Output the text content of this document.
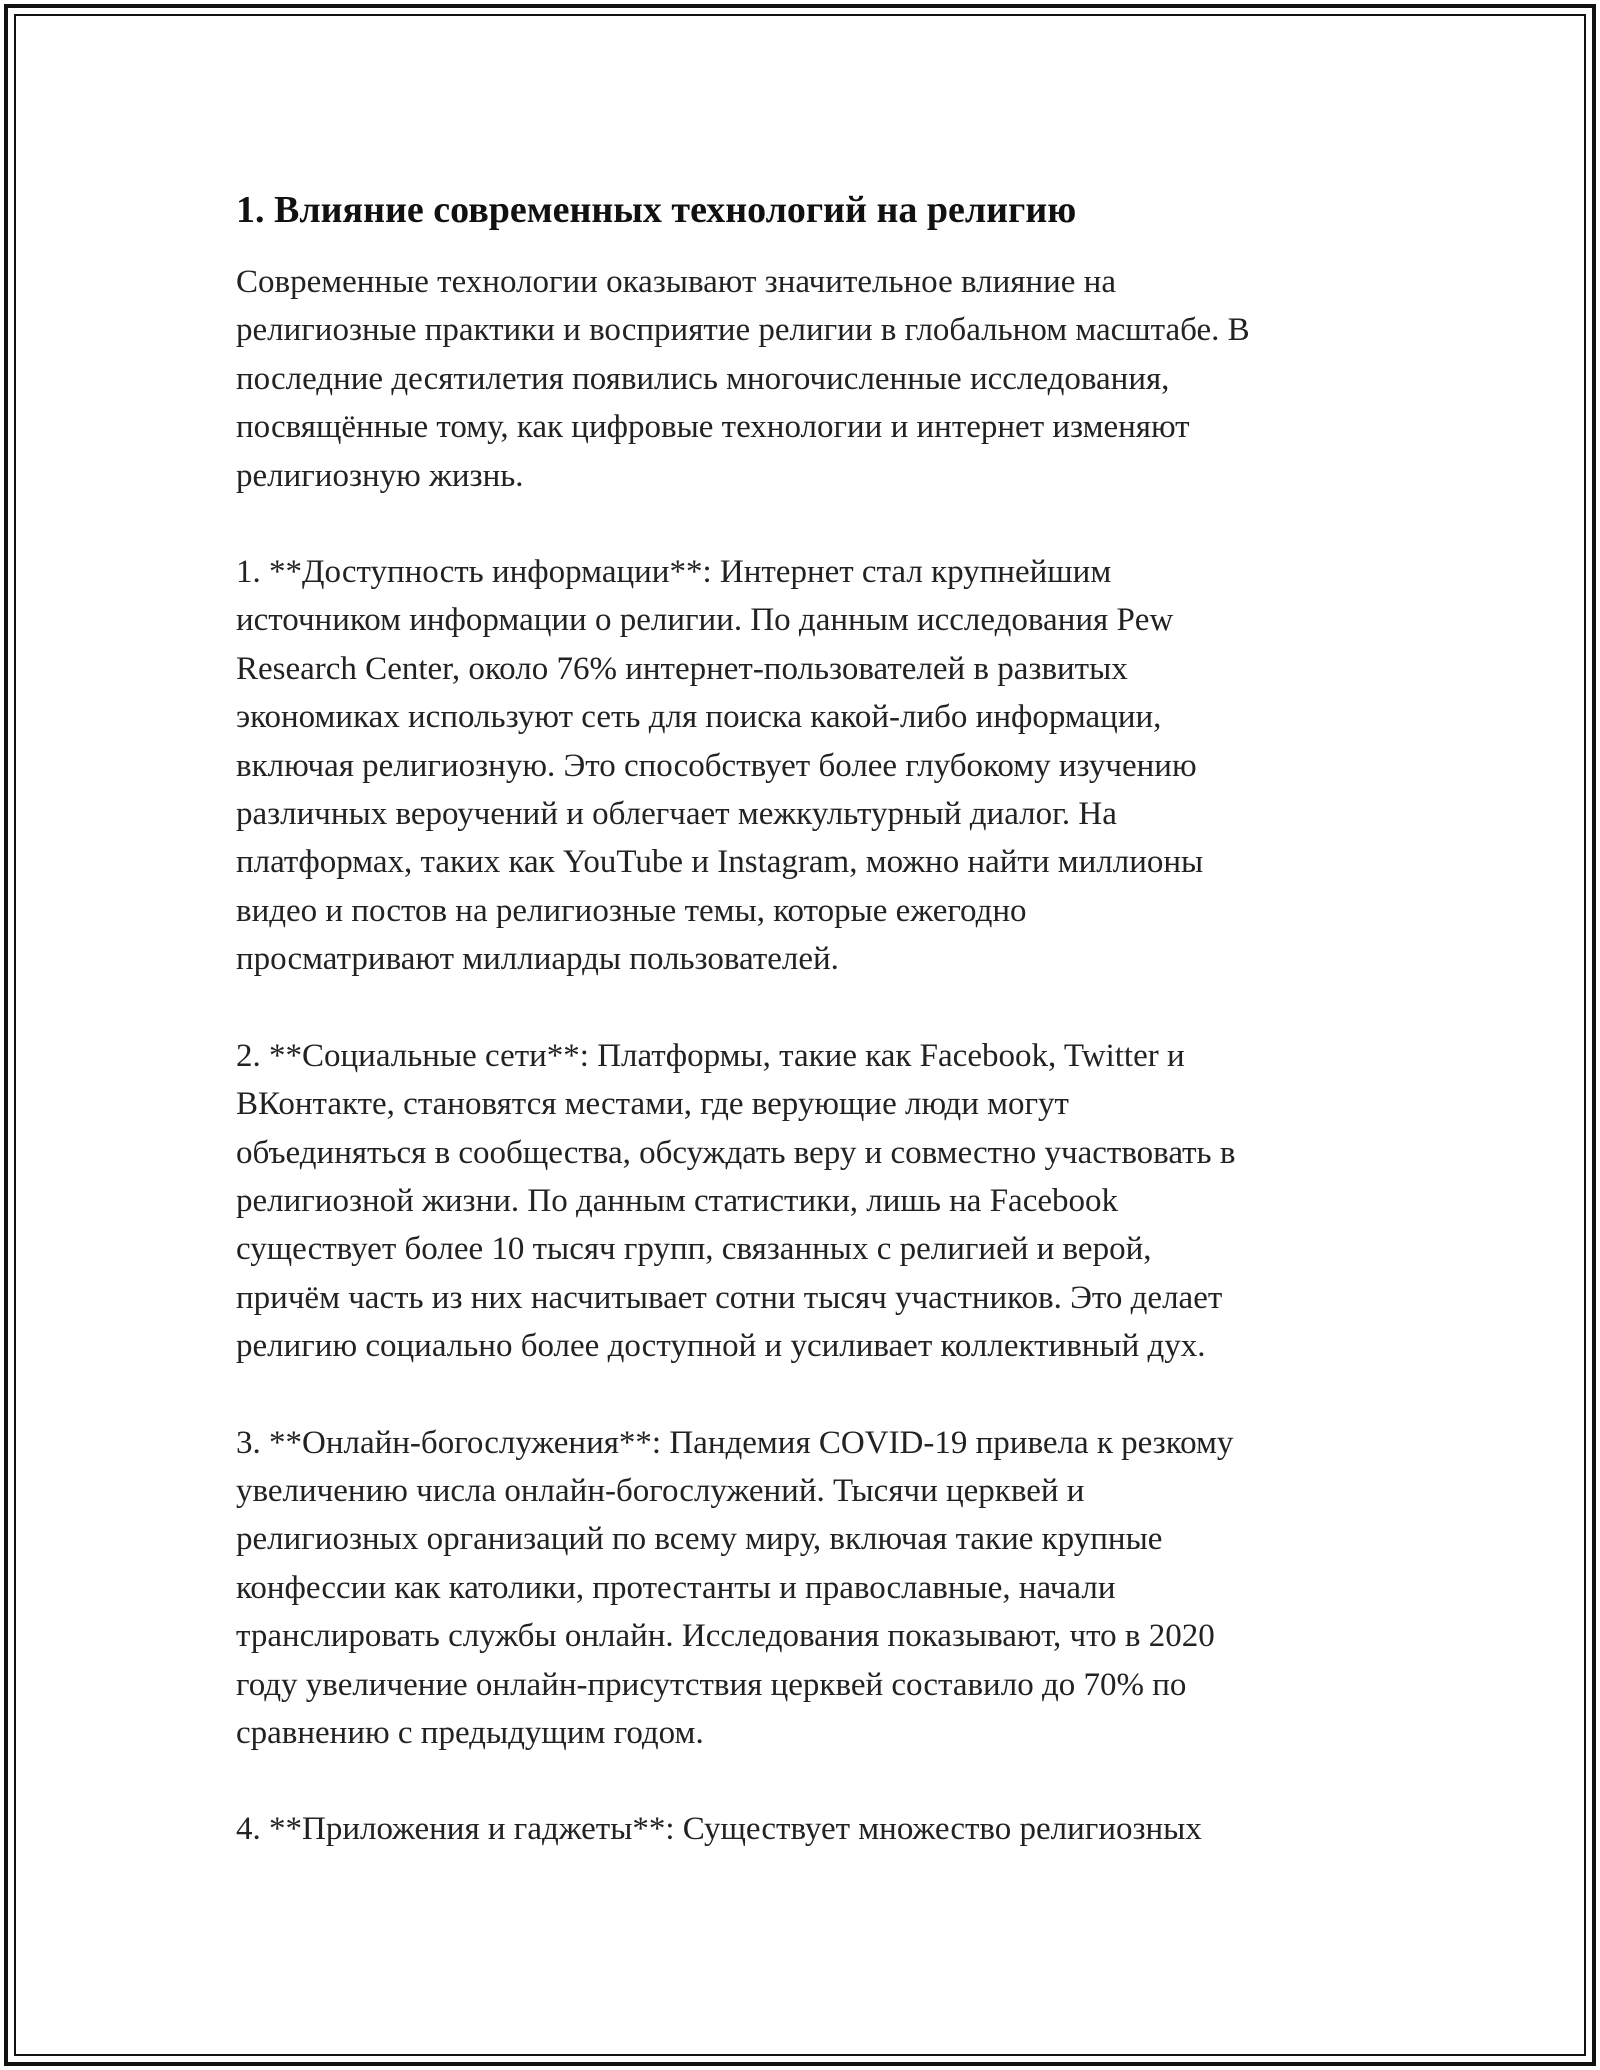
1. Влияние современных технологий на религию
Современные технологии оказывают значительное влияние на
религиозные практики и восприятие религии в глобальном масштабе. В
последние десятилетия появились многочисленные исследования,
посвящённые тому, как цифровые технологии и интернет изменяют
религиозную жизнь.
1. **Доступность информации**: Интернет стал крупнейшим
источником информации о религии. По данным исследования Pew
Research Center, около 76% интернет-пользователей в развитых
экономиках используют сеть для поиска какой-либо информации,
включая религиозную. Это способствует более глубокому изучению
различных вероучений и облегчает межкультурный диалог. На
платформах, таких как YouTube и Instagram, можно найти миллионы
видео и постов на религиозные темы, которые ежегодно
просматривают миллиарды пользователей.
2. **Социальные сети**: Платформы, такие как Facebook, Twitter и
ВКонтакте, становятся местами, где верующие люди могут
объединяться в сообщества, обсуждать веру и совместно участвовать в
религиозной жизни. По данным статистики, лишь на Facebook
существует более 10 тысяч групп, связанных с религией и верой,
причём часть из них насчитывает сотни тысяч участников. Это делает
религию социально более доступной и усиливает коллективный дух.
3. **Онлайн-богослужения**: Пандемия COVID-19 привела к резкому
увеличению числа онлайн-богослужений. Тысячи церквей и
религиозных организаций по всему миру, включая такие крупные
конфессии как католики, протестанты и православные, начали
транслировать службы онлайн. Исследования показывают, что в 2020
году увеличение онлайн-присутствия церквей составило до 70% по
сравнению с предыдущим годом.
4. **Приложения и гаджеты**: Существует множество религиозных
